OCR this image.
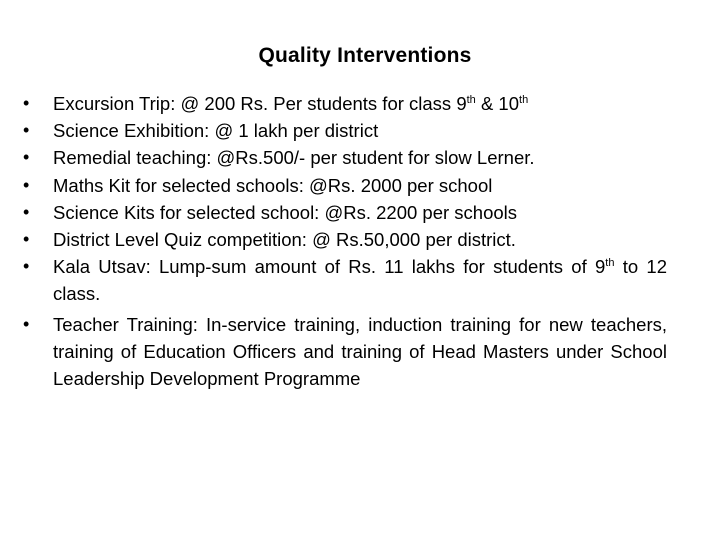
Quality Interventions
• Excursion Trip: @ 200 Rs. Per students for class 9th & 10th
• Science Exhibition: @ 1 lakh per district
• Remedial teaching: @Rs.500/- per student for slow Lerner.
• Maths Kit for selected schools: @Rs. 2000 per school
• Science Kits for selected school: @Rs. 2200 per schools
• District Level Quiz competition: @ Rs.50,000 per district.
• Kala Utsav: Lump-sum amount of Rs. 11 lakhs for students of 9th to 12 class.
• Teacher Training: In-service training, induction training for new teachers, training of Education Officers and training of Head Masters under School Leadership Development Programme
